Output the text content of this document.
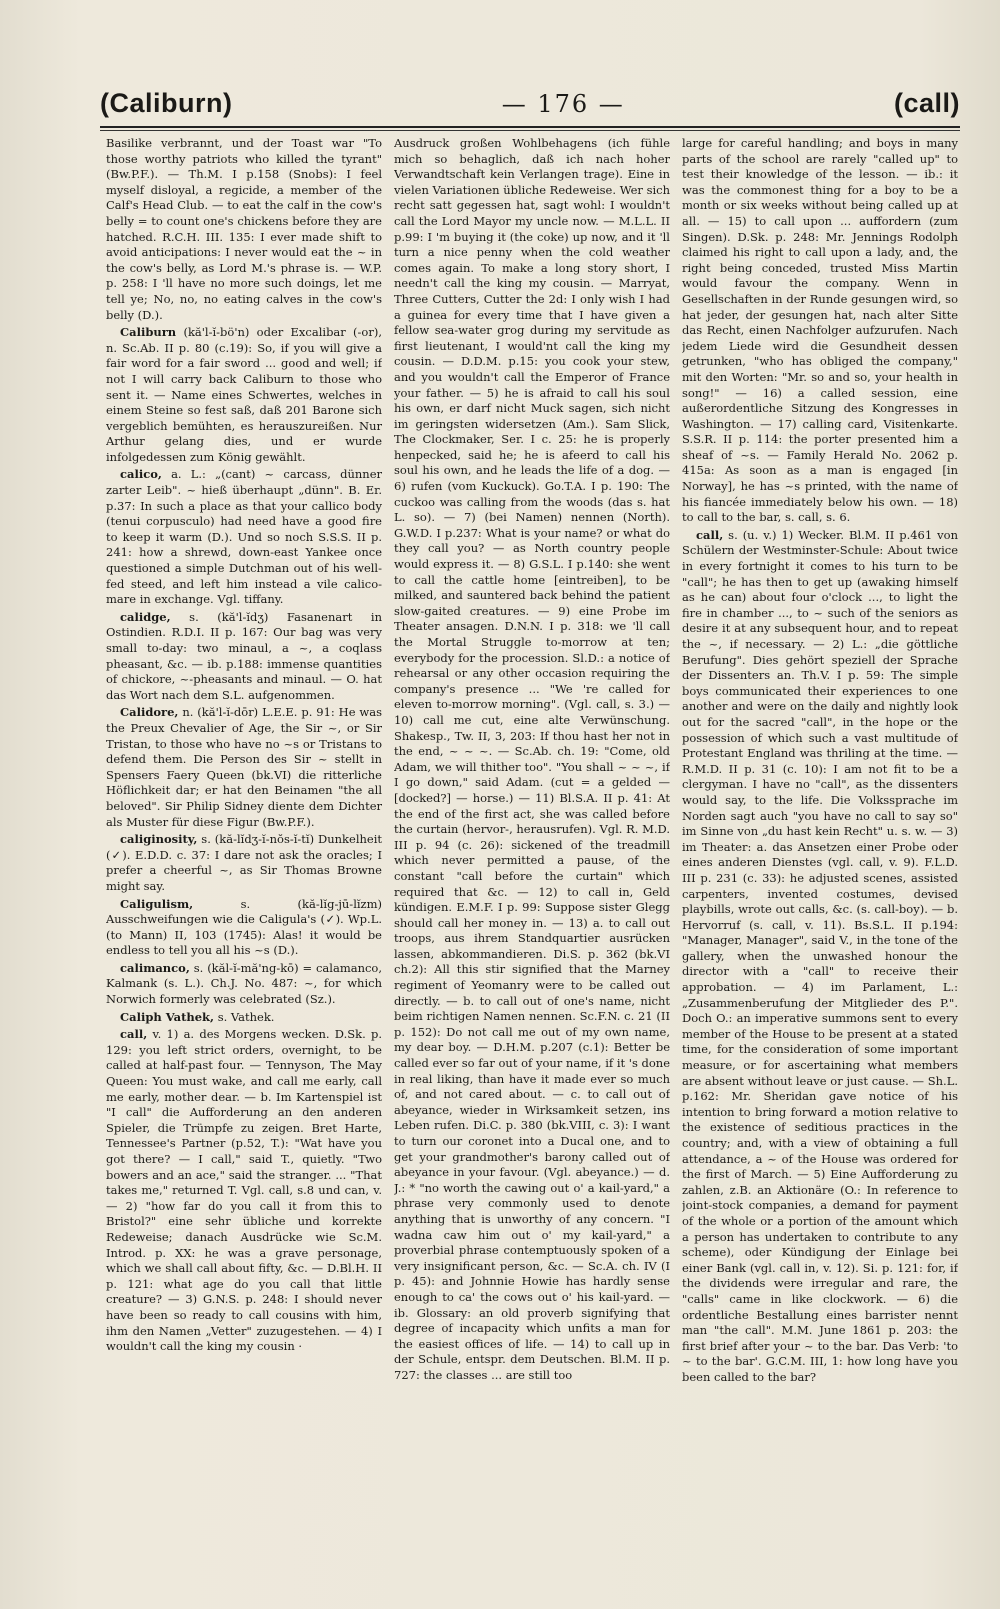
(Caliburn)	— 176 —	(call)

Basilike verbrannt, und der Toast war "To those worthy patriots who killed the tyrant" (Bw.P.F.). — Th.M. I p.158 (Snobs): I feel myself disloyal, a regicide, a member of the Calf's Head Club. — to eat the calf in the cow's belly = to count one's chickens before they are hatched. R.C.H. III. 135: I ever made shift to avoid anticipations: I never would eat the ~ in the cow's belly, as Lord M.'s phrase is. — W.P. p. 258: I 'll have no more such doings, let me tell ye; No, no, no eating calves in the cow's belly (D.).

Caliburn (kă'l-ĭ-bö'n) oder Excalibar (-or), n. Sc.Ab. II p. 80 (c.19): So, if you will give a fair word for a fair sword ... good and well; if not I will carry back Caliburn to those who sent it. — Name eines Schwertes, welches in einem Steine so fest saß, daß 201 Barone sich vergeblich bemühten, es herauszureißen. Nur Arthur gelang dies, und er wurde infolgedessen zum König gewählt.

calico, a. L.: „(cant) ~ carcass, dünner zarter Leib". ~ hieß überhaupt „dünn". B. Er. p.37: In such a place as that your callico body (tenui corpusculo) had need have a good fire to keep it warm (D.). Und so noch S.S.S. II p. 241: how a shrewd, down-east Yankee once questioned a simple Dutchman out of his well-fed steed, and left him instead a vile calico-mare in exchange. Vgl. tiffany.

calidge, s. (kă'l-ĭdʒ) Fasanenart in Ostindien. R.D.I. II p. 167: Our bag was very small to-day: two minaul, a ~, a coqlass pheasant, &c. — ib. p.188: immense quantities of chickore, ~-pheasants and minaul. — O. hat das Wort nach dem S.L. aufgenommen.

Calidore, n. (kă'l-ĭ-dōr) L.E.E. p. 91: He was the Preux Chevalier of Age, the Sir ~, or Sir Tristan, to those who have no ~s or Tristans to defend them. Die Person des Sir ~ stellt in Spensers Faery Queen (bk.VI) die ritterliche Höflichkeit dar; er hat den Beinamen "the all beloved". Sir Philip Sidney diente dem Dichter als Muster für diese Figur (Bw.P.F.).

caliginosity, s. (kă-lĭdʒ-ĭ-nŏs-ĭ-tĭ) Dunkelheit (✓). E.D.D. c. 37: I dare not ask the oracles; I prefer a cheerful ~, as Sir Thomas Browne might say.

Caligulism,	s. (kă-lĭg-jū-lĭzm) Ausschweifungen wie die Caligula's (✓). Wp.L. (to Mann) II, 103 (1745): Alas! it would be endless to tell you all his ~s (D.).

calimanco, s. (kăl-ĭ-mă'ng-kō) = calamanco, Kalmank (s. L.). Ch.J. No. 487: ~, for which Norwich formerly was celebrated (Sz.).

Caliph Vathek, s. Vathek.

call, v. 1) a. des Morgens wecken. D.Sk. p. 129: you left strict orders, overnight, to be called at half-past four. — Tennyson, The May Queen: You must wake, and call me early, call me early, mother dear. — b. Im Kartenspiel ist "I call" die Aufforderung an den anderen Spieler, die Trümpfe zu zeigen. Bret Harte, Tennessee's Partner (p.52, T.): "Wat have you got there? — I call," said T., quietly. "Two bowers and an ace," said the stranger. ... "That takes me," returned T. Vgl. call, s.8 und can, v. — 2) "how far do you call it from this to Bristol?" eine sehr übliche und korrekte Redeweise; danach Ausdrücke wie Sc.M. Introd. p. XX: he was a grave personage, which we shall call about fifty, &c. — D.Bl.H. II p. 121: what age do you call that little creature? — 3) G.N.S. p. 248: I should never have been so ready to call cousins with him, ihm den Namen „Vetter" zuzugestehen. — 4) I wouldn't call the king my cousin ·

Ausdruck großen Wohlbehagens (ich fühle mich so behaglich, daß ich nach hoher Verwandtschaft kein Verlangen trage). Eine in vielen Variationen übliche Redeweise. Wer sich recht satt gegessen hat, sagt wohl: I wouldn't call the Lord Mayor my uncle now. — M.L.L. II p.99: I 'm buying it (the coke) up now, and it 'll turn a nice penny when the cold weather comes again. To make a long story short, I needn't call the king my cousin. — Marryat, Three Cutters, Cutter the 2d: I only wish I had a guinea for every time that I have given a fellow sea-water grog during my servitude as first lieutenant, I would'nt call the king my cousin. — D.D.M. p.15: you cook your stew, and you wouldn't call the Emperor of France your father. — 5) he is afraid to call his soul his own, er darf nicht Muck sagen, sich nicht im geringsten widersetzen (Am.). Sam Slick, The Clockmaker, Ser. I c. 25: he is properly henpecked, said he; he is afeerd to call his soul his own, and he leads the life of a dog. — 6) rufen (vom Kuckuck). Go.T.A. I p. 190: The cuckoo was calling from the woods (das s. hat L. so). — 7) (bei Namen) nennen (North). G.W.D. I p.237: What is your name? or what do they call you? — as North country people would express it. — 8) G.S.L. I p.140: she went to call the cattle home [eintreiben], to be milked, and sauntered back behind the patient slow-gaited creatures. — 9) eine Probe im Theater ansagen. D.N.N. I p. 318: we 'll call the Mortal Struggle to-morrow at ten; everybody for the procession. Sl.D.: a notice of rehearsal or any other occasion requiring the company's presence ... "We 're called for eleven to-morrow morning". (Vgl. call, s. 3.) — 10) call me cut, eine alte Verwünschung. Shakesp., Tw. II, 3, 203: If thou hast her not in the end, ~ ~ ~. — Sc.Ab. ch. 19: "Come, old Adam, we will thither too". "You shall ~ ~ ~, if I go down," said Adam. (cut = a gelded — [docked?] — horse.) — 11) Bl.S.A. II p. 41: At the end of the first act, she was called before the curtain (hervor-, herausrufen). Vgl. R. M.D. III p. 94 (c. 26): sickened of the treadmill which never permitted a pause, of the constant "call before the curtain" which required that &c. — 12) to call in, Geld kündigen. E.M.F. I p. 99: Suppose sister Glegg should call her money in. — 13) a. to call out troops, aus ihrem Standquartier ausrücken lassen, abkommandieren. Di.S. p. 362 (bk.VI ch.2): All this stir signified that the Marney regiment of Yeomanry were to be called out directly. — b. to call out of one's name, nicht beim richtigen Namen nennen. Sc.F.N. c. 21 (II p. 152): Do not call me out of my own name, my dear boy. — D.H.M. p.207 (c.1): Better be called ever so far out of your name, if it 's done in real liking, than have it made ever so much of, and not cared about. — c. to call out of abeyance, wieder in Wirksamkeit setzen, ins Leben rufen. Di.C. p. 380 (bk.VIII, c. 3): I want to turn our coronet into a Ducal one, and to get your grandmother's barony called out of abeyance in your favour. (Vgl. abeyance.) — d. J.: * "no worth the cawing out o' a kail-yard," a phrase very commonly used to denote anything that is unworthy of any concern. "I wadna caw him out o' my kail-yard," a proverbial phrase contemptuously spoken of a very insignificant person, &c. — Sc.A. ch. IV (I p. 45): and Johnnie Howie has hardly sense enough to ca' the cows out o' his kail-yard. — ib. Glossary: an old proverb signifying that degree of incapacity which unfits a man for the easiest offices of life. — 14) to call up in der Schule, entspr. dem Deutschen. Bl.M. II p. 727: the classes ... are still too

large for careful handling; and boys in many parts of the school are rarely "called up" to test their knowledge of the lesson. — ib.: it was the commonest thing for a boy to be a month or six weeks without being called up at all. — 15) to call upon ... auffordern (zum Singen). D.Sk. p. 248: Mr. Jennings Rodolph claimed his right to call upon a lady, and, the right being conceded, trusted Miss Martin would favour the company. Wenn in Gesellschaften in der Runde gesungen wird, so hat jeder, der gesungen hat, nach alter Sitte das Recht, einen Nachfolger aufzurufen. Nach jedem Liede wird die Gesundheit dessen getrunken, "who has obliged the company," mit den Worten: "Mr. so and so, your health in song!" — 16) a called session, eine außerordentliche Sitzung des Kongresses in Washington. — 17) calling card, Visitenkarte. S.S.R. II p. 114: the porter presented him a sheaf of ~s. — Family Herald No. 2062 p. 415a: As soon as a man is engaged [in Norway], he has ~s printed, with the name of his fiancée immediately below his own. — 18) to call to the bar, s. call, s. 6.

call, s. (u. v.) 1) Wecker. Bl.M. II p.461 von Schülern der Westminster-Schule: About twice in every fortnight it comes to his turn to be "call"; he has then to get up (awaking himself as he can) about four o'clock ..., to light the fire in chamber ..., to ~ such of the seniors as desire it at any subsequent hour, and to repeat the ~, if necessary. — 2) L.: „die göttliche Berufung". Dies gehört speziell der Sprache der Dissenters an. Th.V. I p. 59: The simple boys communicated their experiences to one another and were on the daily and nightly look out for the sacred "call", in the hope or the possession of which such a vast multitude of Protestant England was thriling at the time. — R.M.D. II p. 31 (c. 10): I am not fit to be a clergyman. I have no "call", as the dissenters would say, to the life. Die Volkssprache im Norden sagt auch "you have no call to say so" im Sinne von „du hast kein Recht" u. s. w. — 3) im Theater: a. das Ansetzen einer Probe oder eines anderen Dienstes (vgl. call, v. 9). F.L.D. III p. 231 (c. 33): he adjusted scenes, assisted carpenters, invented costumes, devised playbills, wrote out calls, &c. (s. call-boy). — b. Hervorruf (s. call, v. 11). Bs.S.L. II p.194: "Manager, Manager", said V., in the tone of the gallery, when the unwashed honour the director with a "call" to receive their approbation. — 4) im Parlament, L.: „Zusammenberufung der Mitglieder des P.". Doch O.: an imperative summons sent to every member of the House to be present at a stated time, for the consideration of some important measure, or for ascertaining what members are absent without leave or just cause. — Sh.L. p.162: Mr. Sheridan gave notice of his intention to bring forward a motion relative to the existence of seditious practices in the country; and, with a view of obtaining a full attendance, a ~ of the House was ordered for the first of March. — 5) Eine Aufforderung zu zahlen, z.B. an Aktionäre (O.: In reference to joint-stock companies, a demand for payment of the whole or a portion of the amount which a person has undertaken to contribute to any scheme), oder Kündigung der Einlage bei einer Bank (vgl. call in, v. 12). Si. p. 121: for, if the dividends were irregular and rare, the "calls" came in like clockwork. — 6) die ordentliche Bestallung eines barrister nennt man "the call". M.M. June 1861 p. 203: the first brief after your ~ to the bar. Das Verb: 'to ~ to the bar'. G.C.M. III, 1: how long have you been called to the bar?
